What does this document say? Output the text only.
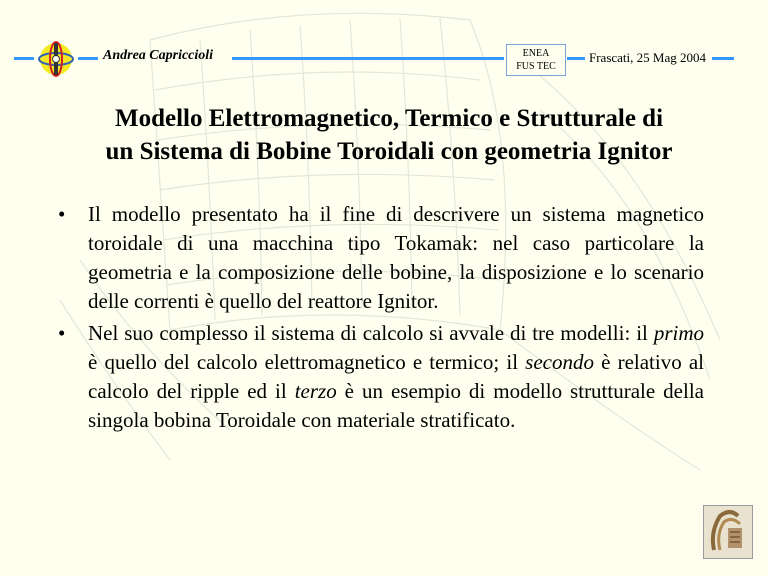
Andrea Capriccioli	ENEA
FUS TEC
Frascati, 25 Mag 2004
Modello Elettromagnetico, Termico e Strutturale di
un Sistema di Bobine Toroidali con geometria Ignitor
• Il modello presentato ha il fine di descrivere un sistema magnetico toroidale di una macchina tipo Tokamak: nel caso particolare la geometria e la composizione delle bobine, la disposizione e lo scenario delle correnti è quello del reattore Ignitor.
• Nel suo complesso il sistema di calcolo si avvale di tre modelli: il primo è quello del calcolo elettromagnetico e termico; il secondo è relativo al calcolo del ripple ed il terzo è un esempio di modello strutturale della singola bobina Toroidale con materiale stratificato.
